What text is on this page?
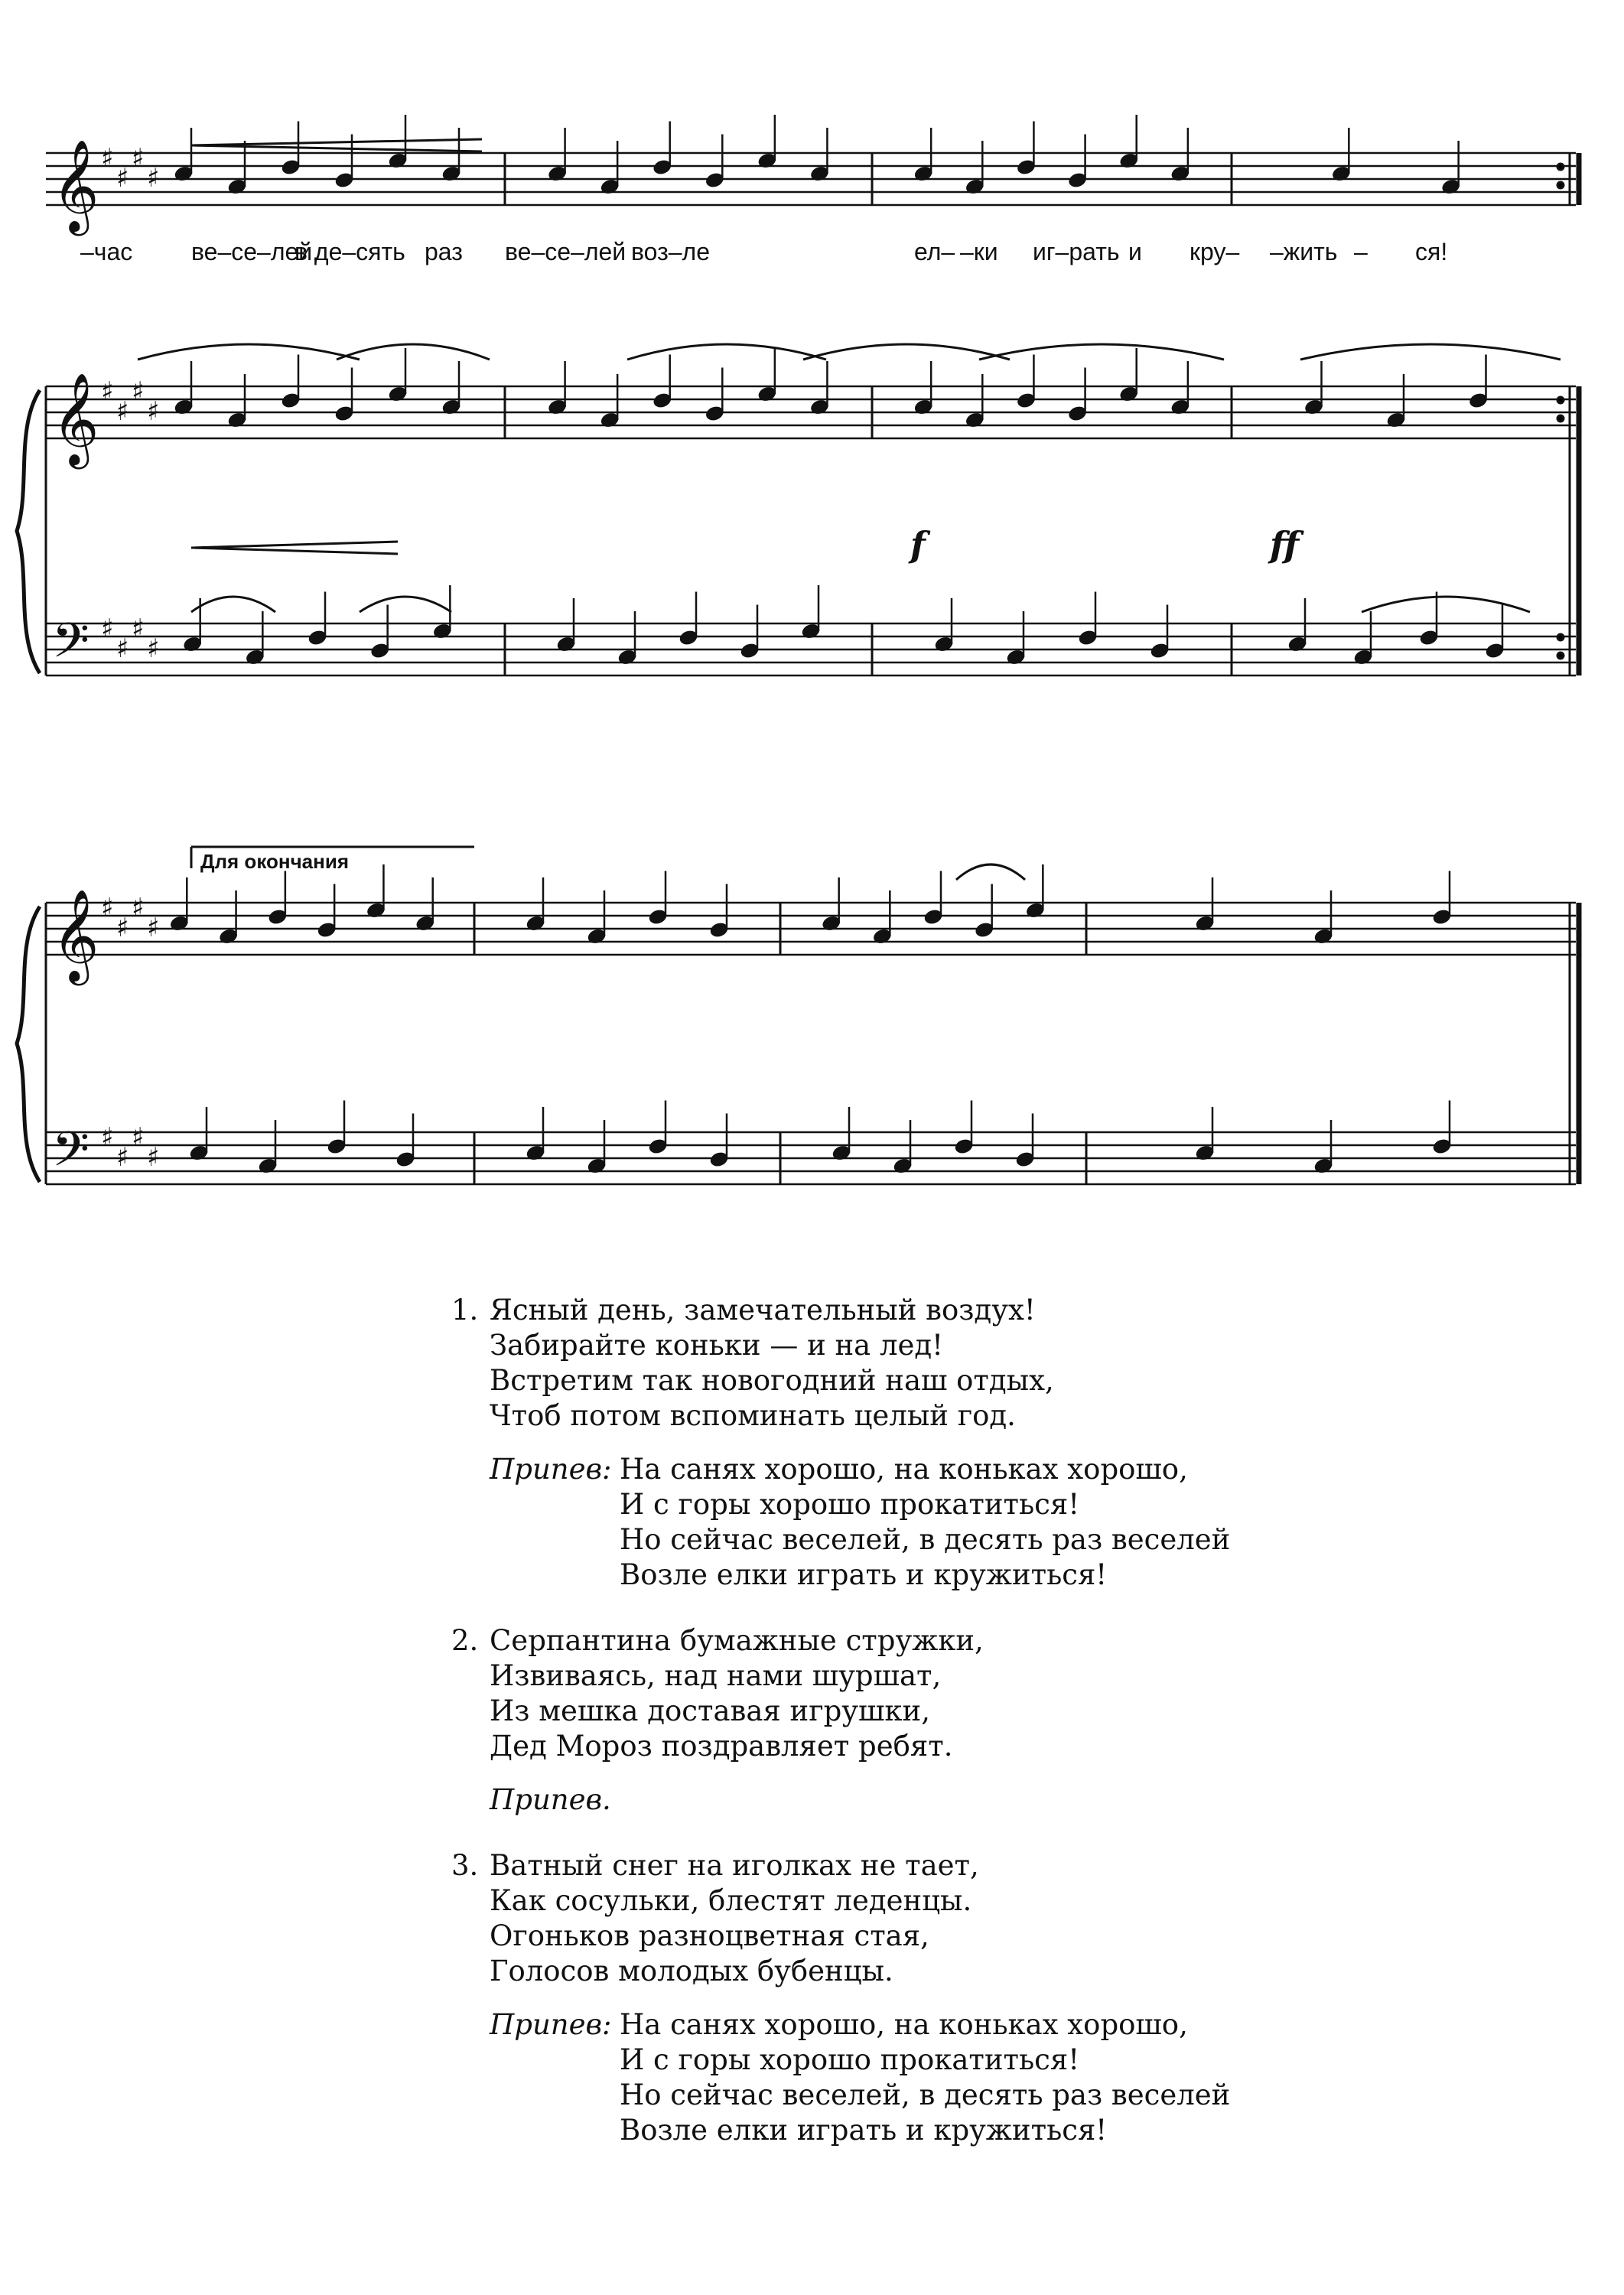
𝄞 ♯
♯
♯
♯
𝄞 ♯
♯
♯
♯
𝄢 ♯
♯
♯
♯
𝄞 ♯
♯
♯
♯
𝄢 ♯
♯
♯
♯
–час ве–се–лей,
в де–сять раз ве–се–лей воз–ле	ел– –ки иг–рать и кру– –жить – ся!
f	ff
Для окончания
1. Ясный день, замечательный воздух!
Забирайте коньки — и на лед!
Встретим так новогодний наш отдых,
Чтоб потом вспоминать целый год.
Припев: На санях хорошо, на коньках хорошо,
И с горы хорошо прокатиться!
Но сейчас веселей, в десять раз веселей
Возле елки играть и кружиться!
2. Серпантина бумажные стружки,
Извиваясь, над нами шуршат,
Из мешка доставая игрушки,
Дед Мороз поздравляет ребят.
Припев.
3. Ватный снег на иголках не тает,
Как сосульки, блестят леденцы.
Огоньков разноцветная стая,
Голосов молодых бубенцы.
Припев: На санях хорошо, на коньках хорошо,
И с горы хорошо прокатиться!
Но сейчас веселей, в десять раз веселей
Возле елки играть и кружиться!
